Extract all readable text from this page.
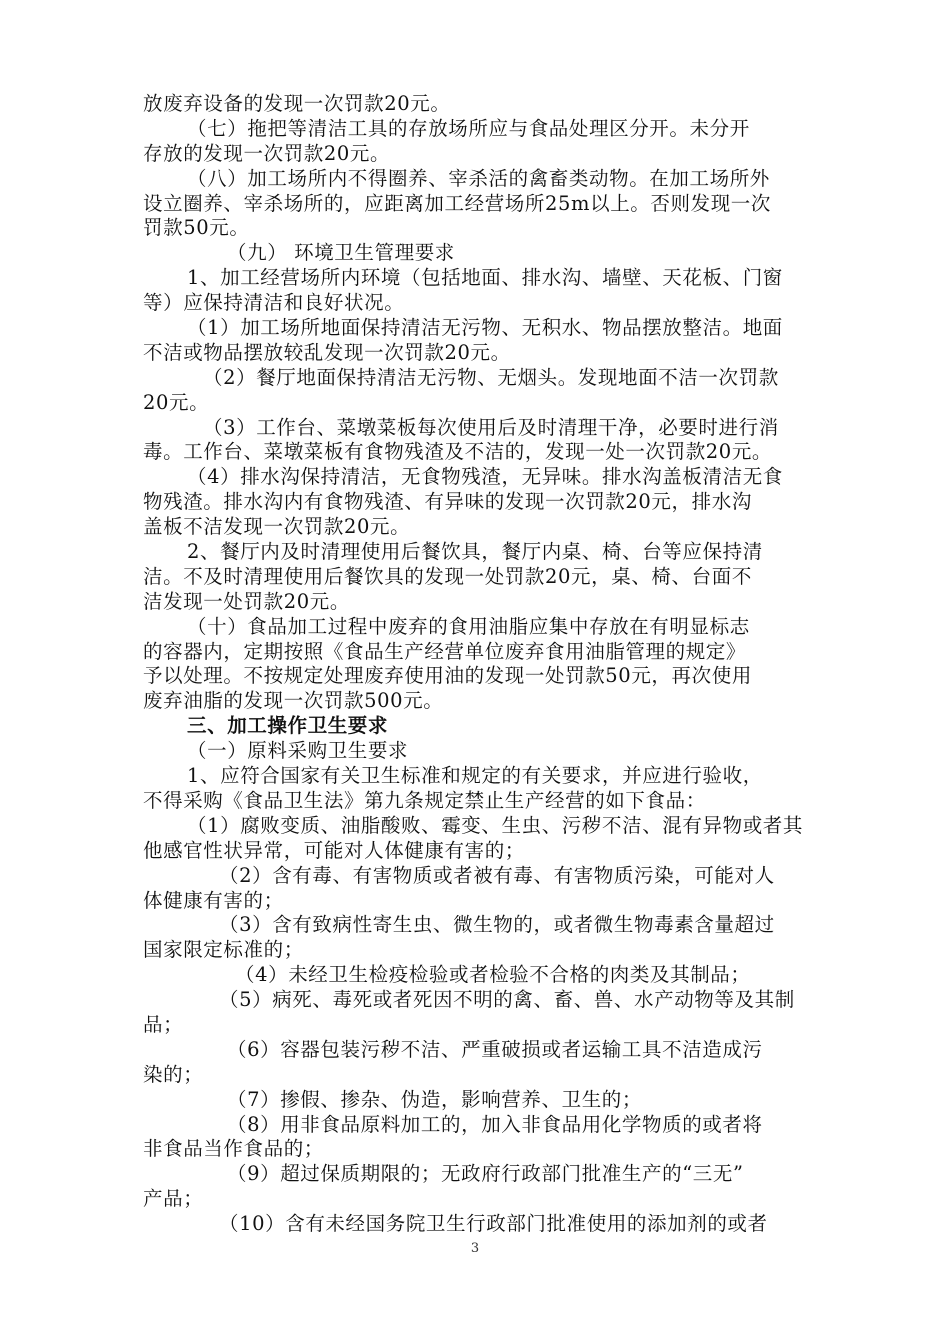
放废弃设备的发现一次罚款20元。
（七）拖把等清洁工具的存放场所应与食品处理区分开。未分开
存放的发现一次罚款20元。
（八）加工场所内不得圈养、宰杀活的禽畜类动物。在加工场所外
设立圈养、宰杀场所的，应距离加工经营场所25m以上。否则发现一次
罚款50元。
（九） 环境卫生管理要求
1、加工经营场所内环境（包括地面、排水沟、墙壁、天花板、门窗
等）应保持清洁和良好状况。
（1）加工场所地面保持清洁无污物、无积水、物品摆放整洁。地面
不洁或物品摆放较乱发现一次罚款20元。
（2）餐厅地面保持清洁无污物、无烟头。发现地面不洁一次罚款
20元。
（3）工作台、菜墩菜板每次使用后及时清理干净，必要时进行消
毒。工作台、菜墩菜板有食物残渣及不洁的，发现一处一次罚款20元。
（4）排水沟保持清洁，无食物残渣，无异味。排水沟盖板清洁无食
物残渣。排水沟内有食物残渣、有异味的发现一次罚款20元，排水沟
盖板不洁发现一次罚款20元。
2、餐厅内及时清理使用后餐饮具，餐厅内桌、椅、台等应保持清
洁。不及时清理使用后餐饮具的发现一处罚款20元，桌、椅、台面不
洁发现一处罚款20元。
（十）食品加工过程中废弃的食用油脂应集中存放在有明显标志
的容器内，定期按照《食品生产经营单位废弃食用油脂管理的规定》
予以处理。不按规定处理废弃使用油的发现一处罚款50元，再次使用
废弃油脂的发现一次罚款500元。
三、加工操作卫生要求
（一）原料采购卫生要求
1、应符合国家有关卫生标准和规定的有关要求，并应进行验收，
不得采购《食品卫生法》第九条规定禁止生产经营的如下食品：
（1）腐败变质、油脂酸败、霉变、生虫、污秽不洁、混有异物或者其
他感官性状异常，可能对人体健康有害的；
（2）含有毒、有害物质或者被有毒、有害物质污染，可能对人
体健康有害的；
（3）含有致病性寄生虫、微生物的，或者微生物毒素含量超过
国家限定标准的；
（4）未经卫生检疫检验或者检验不合格的肉类及其制品；
（5）病死、毒死或者死因不明的禽、畜、兽、水产动物等及其制
品；
（6）容器包装污秽不洁、严重破损或者运输工具不洁造成污
染的；
（7）掺假、掺杂、伪造，影响营养、卫生的；
（8）用非食品原料加工的，加入非食品用化学物质的或者将
非食品当作食品的；
（9）超过保质期限的；无政府行政部门批准生产的“三无”
产品；
（10）含有未经国务院卫生行政部门批准使用的添加剂的或者
3
